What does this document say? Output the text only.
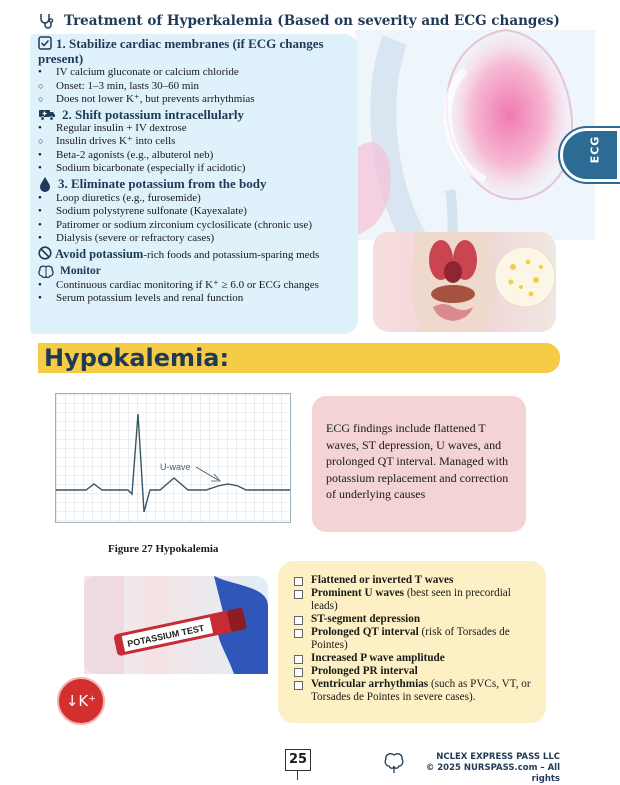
ECG
Treatment of Hyperkalemia (Based on severity and ECG changes)
1. Stabilize cardiac membranes (if ECG changes present)
• IV calcium gluconate or calcium chloride
○ Onset: 1–3 min, lasts 30–60 min
○ Does not lower K⁺, but prevents arrhythmias
2. Shift potassium intracellularly
• Regular insulin + IV dextrose
○ Insulin drives K⁺ into cells
• Beta-2 agonists (e.g., albuterol neb)
• Sodium bicarbonate (especially if acidotic)
3. Eliminate potassium from the body
• Loop diuretics (e.g., furosemide)
• Sodium polystyrene sulfonate (Kayexalate)
• Patiromer or sodium zirconium cyclosilicate (chronic use)
• Dialysis (severe or refractory cases)
Avoid potassium-rich foods and potassium-sparing meds
Monitor
• Continuous cardiac monitoring if K⁺ ≥ 6.0 or ECG changes
• Serum potassium levels and renal function
Hypokalemia:
U-wave
Figure 27 Hypokalemia
ECG findings include flattened T waves, ST depression, U waves, and prolonged QT interval. Managed with potassium replacement and correction of underlying causes
POTASSIUM TEST
↓K⁺
Flattened or inverted T waves
Prominent U waves (best seen in precordial leads)
ST-segment depression
Prolonged QT interval (risk of Torsades de Pointes)
Increased P wave amplitude
Prolonged PR interval
Ventricular arrhythmias (such as PVCs, VT, or Torsades de Pointes in severe cases).
25	NCLEX EXPRESS PASS LLC
© 2025 NURSPASS.com – All rights
